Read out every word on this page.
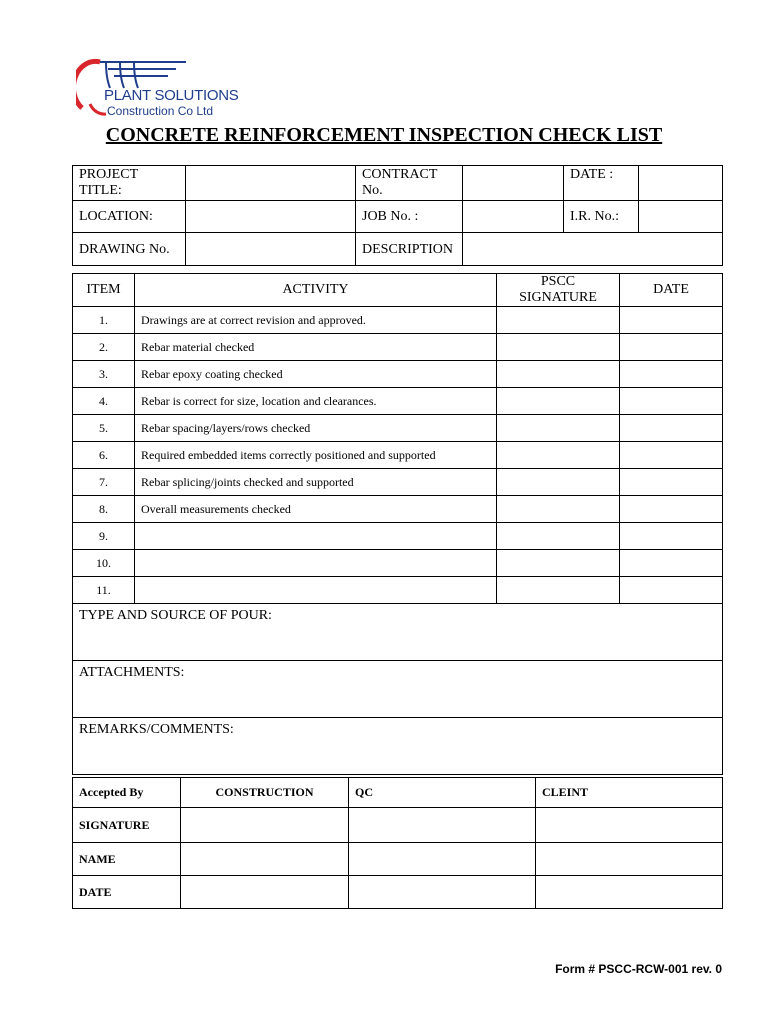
PLANT SOLUTIONS
Construction Co Ltd
CONCRETE REINFORCEMENT INSPECTION CHECK LIST
PROJECT TITLE:		CONTRACT No.		DATE :	
LOCATION:		JOB No. :		I.R. No.:	
DRAWING No.		DESCRIPTION			
ITEM	ACTIVITY	PSCC SIGNATURE	DATE
1.	Drawings are at correct revision and approved.		
2.	Rebar material checked		
3.	Rebar epoxy coating checked		
4.	Rebar is correct for size, location and clearances.		
5.	Rebar spacing/layers/rows checked		
6.	Required embedded items correctly positioned and supported		
7.	Rebar splicing/joints checked and supported		
8.	Overall measurements checked		
9.			
10.			
11.			
TYPE AND SOURCE OF POUR:			
ATTACHMENTS:			
REMARKS/COMMENTS:			
Accepted By	CONSTRUCTION	QC	CLEINT
SIGNATURE			
NAME			
DATE			
Form # PSCC-RCW-001 rev. 0
